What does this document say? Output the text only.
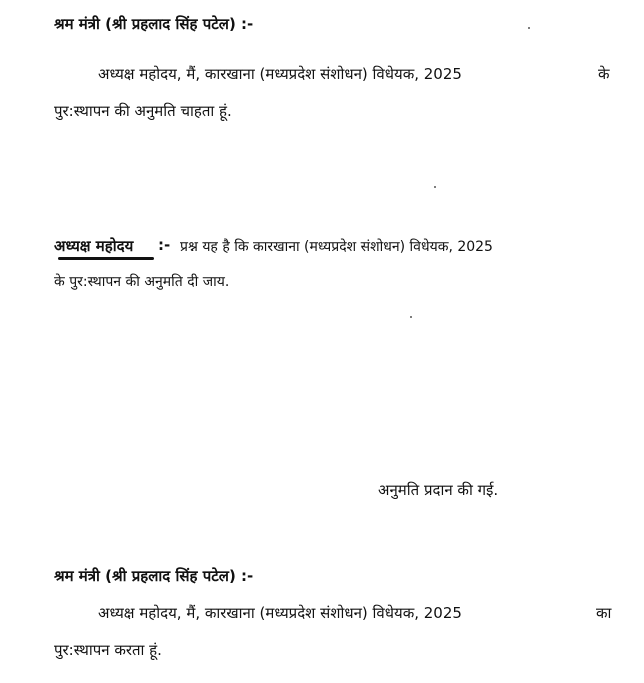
श्रम मंत्री (श्री प्रहलाद सिंह पटेल) :-
अध्यक्ष महोदय, मैं, कारखाना (मध्यप्रदेश संशोधन) विधेयक, 2025	के
पुर:स्थापन की अनुमति चाहता हूं.
अध्यक्ष महोदय :- प्रश्न यह है कि कारखाना (मध्यप्रदेश संशोधन) विधेयक, 2025
के पुर:स्थापन की अनुमति दी जाय.
अनुमति प्रदान की गई.
श्रम मंत्री (श्री प्रहलाद सिंह पटेल) :-
अध्यक्ष महोदय, मैं, कारखाना (मध्यप्रदेश संशोधन) विधेयक, 2025	का
पुर:स्थापन करता हूं.
